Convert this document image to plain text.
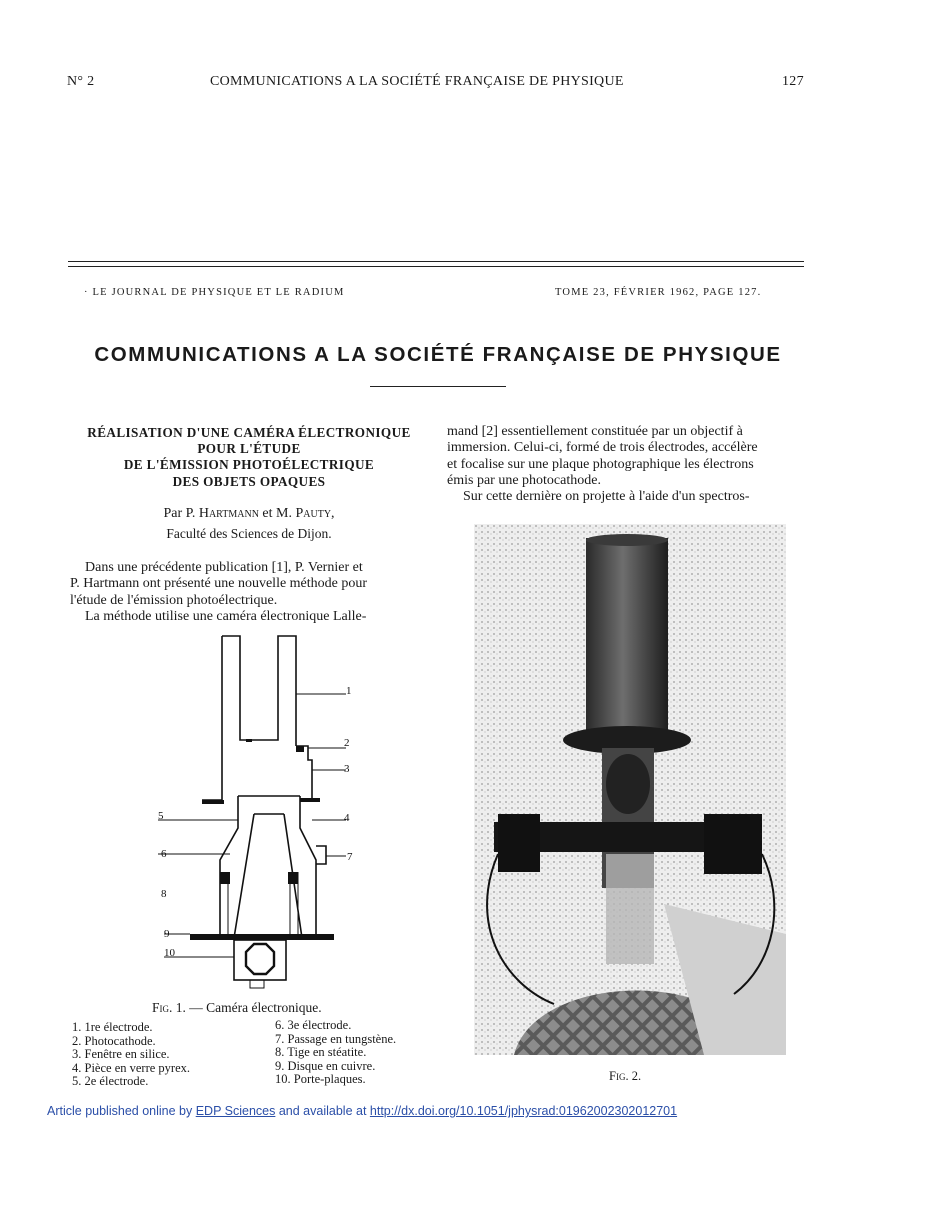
N° 2	COMMUNICATIONS A LA SOCIÉTÉ FRANÇAISE DE PHYSIQUE	127
· LE JOURNAL DE PHYSIQUE ET LE RADIUM	TOME 23, FÉVRIER 1962, PAGE 127.
COMMUNICATIONS A LA SOCIÉTÉ FRANÇAISE DE PHYSIQUE
RÉALISATION D'UNE CAMÉRA ÉLECTRONIQUE
POUR L'ÉTUDE
DE L'ÉMISSION PHOTOÉLECTRIQUE
DES OBJETS OPAQUES
Par P. Hartmann et M. Pauty,
Faculté des Sciences de Dijon.
Dans une précédente publication [1], P. Vernier et
P. Hartmann ont présenté une nouvelle méthode pour
l'étude de l'émission photoélectrique.
La méthode utilise une caméra électronique Lalle-
mand [2] essentiellement constituée par un objectif à
immersion. Celui-ci, formé de trois électrodes, accélère
et focalise sur une plaque photographique les électrons
émis par une photocathode.
Sur cette dernière on projette à l'aide d'un spectros-
1
2
3
4
5
6	7
8
9
10
Fig. 1. — Caméra électronique.
1. 1re électrode.
2. Photocathode.
3. Fenêtre en silice.
4. Pièce en verre pyrex.
5. 2e électrode.
6. 3e électrode.
7. Passage en tungstène.
8. Tige en stéatite.
9. Disque en cuivre.
10. Porte-plaques.	Fig. 2.
Article published online by EDP Sciences and available at http://dx.doi.org/10.1051/jphysrad:01962002302012701
